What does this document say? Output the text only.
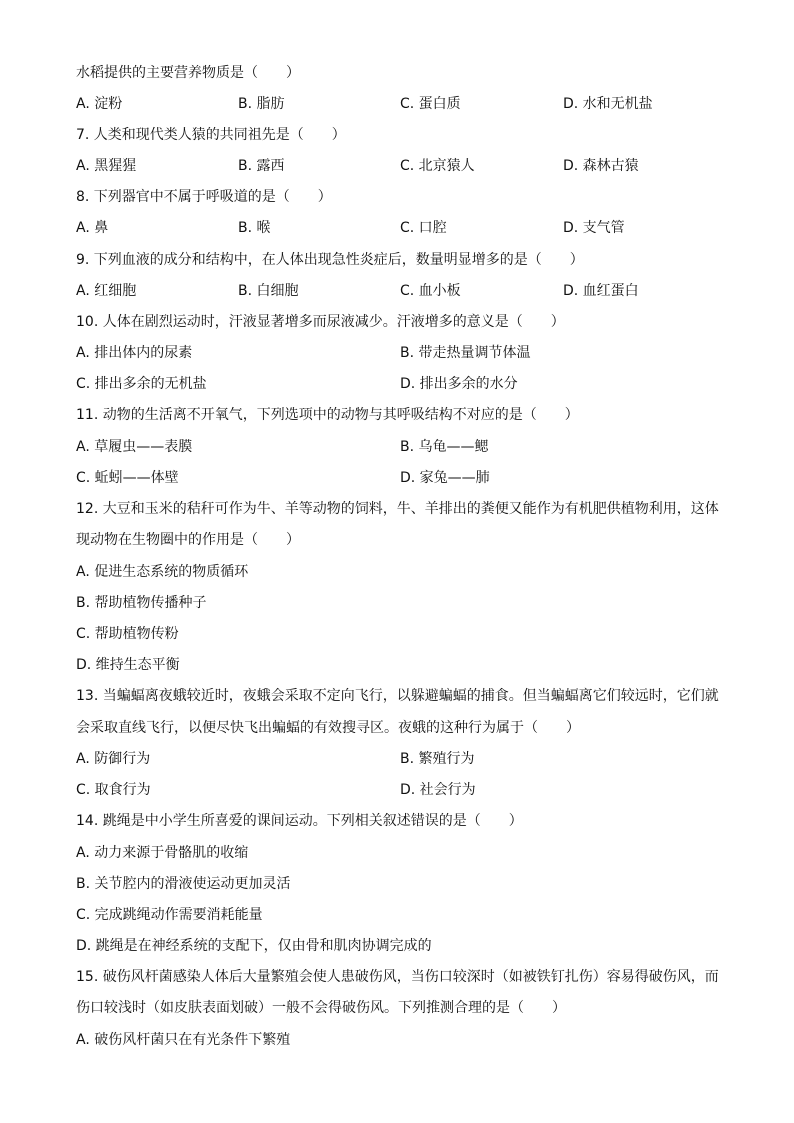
水稻提供的主要营养物质是（　　）
A. 淀粉	B. 脂肪	C. 蛋白质	D. 水和无机盐
7. 人类和现代类人猿的共同祖先是（　　）
A. 黑猩猩	B. 露西	C. 北京猿人	D. 森林古猿
8. 下列器官中不属于呼吸道的是（　　）
A. 鼻	B. 喉	C. 口腔	D. 支气管
9. 下列血液的成分和结构中，在人体出现急性炎症后，数量明显增多的是（　　）
A. 红细胞	B. 白细胞	C. 血小板	D. 血红蛋白
10. 人体在剧烈运动时，汗液显著增多而尿液减少。汗液增多的意义是（　　）
A. 排出体内的尿素	B. 带走热量调节体温
C. 排出多余的无机盐	D. 排出多余的水分
11. 动物的生活离不开氧气，下列选项中的动物与其呼吸结构不对应的是（　　）
A. 草履虫——表膜	B. 乌龟——鳃
C. 蚯蚓——体壁	D. 家兔——肺
12. 大豆和玉米的秸秆可作为牛、羊等动物的饲料，牛、羊排出的粪便又能作为有机肥供植物利用，这体
现动物在生物圈中的作用是（　　）
A. 促进生态系统的物质循环
B. 帮助植物传播种子
C. 帮助植物传粉
D. 维持生态平衡
13. 当蝙蝠离夜蛾较近时，夜蛾会采取不定向飞行，以躲避蝙蝠的捕食。但当蝙蝠离它们较远时，它们就
会采取直线飞行，以便尽快飞出蝙蝠的有效搜寻区。夜蛾的这种行为属于（　　）
A. 防御行为	B. 繁殖行为
C. 取食行为	D. 社会行为
14. 跳绳是中小学生所喜爱的课间运动。下列相关叙述错误的是（　　）
A. 动力来源于骨骼肌的收缩
B. 关节腔内的滑液使运动更加灵活
C. 完成跳绳动作需要消耗能量
D. 跳绳是在神经系统的支配下，仅由骨和肌肉协调完成的
15. 破伤风杆菌感染人体后大量繁殖会使人患破伤风，当伤口较深时（如被铁钉扎伤）容易得破伤风，而
伤口较浅时（如皮肤表面划破）一般不会得破伤风。下列推测合理的是（　　）
A. 破伤风杆菌只在有光条件下繁殖
